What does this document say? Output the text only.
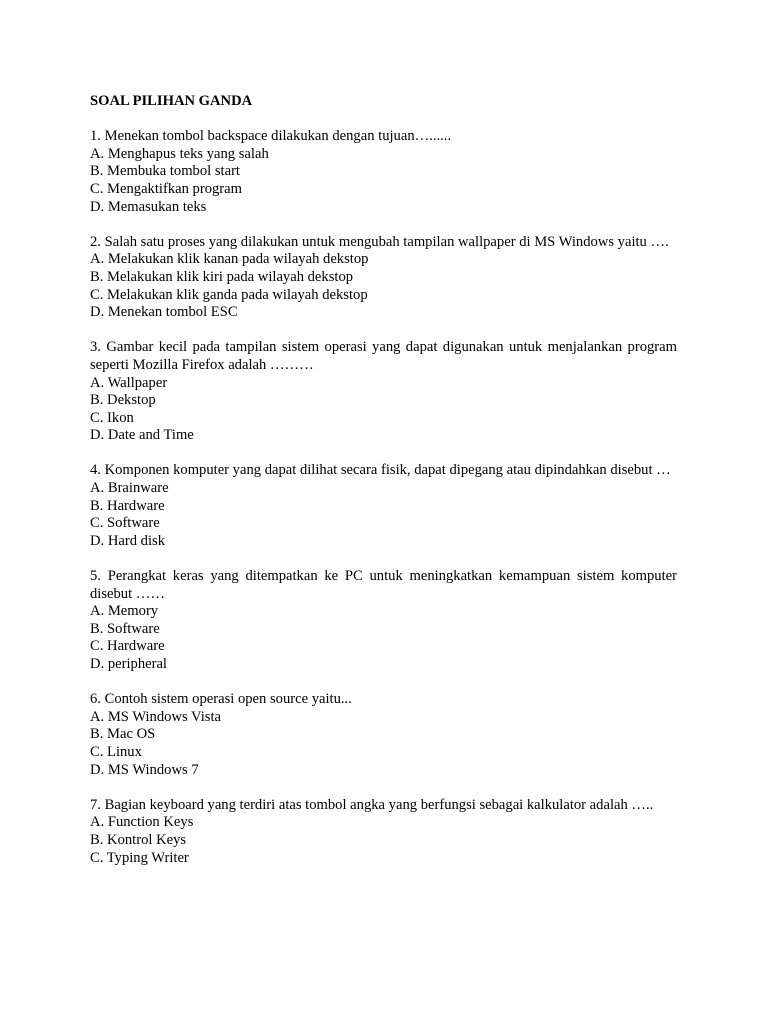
SOAL PILIHAN GANDA
1. Menekan tombol backspace dilakukan dengan tujuan…......
A. Menghapus teks yang salah
B. Membuka tombol start
C. Mengaktifkan program
D. Memasukan teks
2. Salah satu proses yang dilakukan untuk mengubah tampilan wallpaper di MS Windows yaitu ….
A. Melakukan klik kanan pada wilayah dekstop
B. Melakukan klik kiri pada wilayah dekstop
C. Melakukan klik ganda pada wilayah dekstop
D. Menekan tombol ESC
3. Gambar kecil pada tampilan sistem operasi yang dapat digunakan untuk menjalankan program seperti Mozilla Firefox adalah ………
A. Wallpaper
B. Dekstop
C. Ikon
D. Date and Time
4. Komponen komputer yang dapat dilihat secara fisik, dapat dipegang atau dipindahkan disebut …
A. Brainware
B. Hardware
C. Software
D. Hard disk
5. Perangkat keras yang ditempatkan ke PC untuk meningkatkan kemampuan sistem komputer disebut ……
A. Memory
B. Software
C. Hardware
D. peripheral
6. Contoh sistem operasi open source yaitu...
A. MS Windows Vista
B. Mac OS
C. Linux
D. MS Windows 7
7. Bagian keyboard yang terdiri atas tombol angka yang berfungsi sebagai kalkulator adalah …..
A. Function Keys
B. Kontrol Keys
C. Typing Writer
